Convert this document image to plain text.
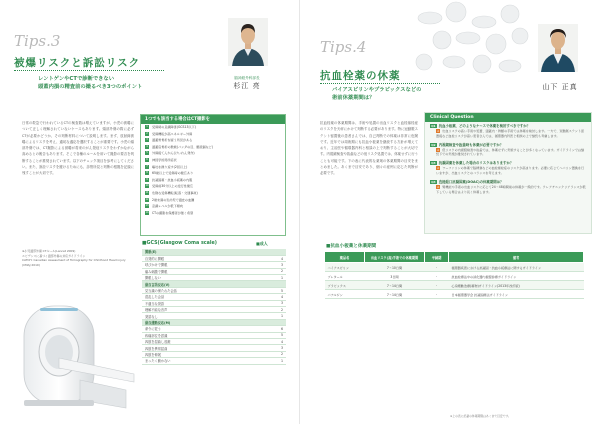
Tips.3
被爆リスクと訴訟リスク
レントゲンやCTで診断できない
頭蓋内損の精査前の撮るべき3つのポイント
脳神経外科部長
杉江 亮
日常の救急で行われているCTの検査数は増えていますが、小児の被曝について正しく理解されていないケースもあります。頭部外傷の際に必ずCTが必要かどうか、その判断材料について説明します。まず、放射線被曝によるリスクを考え、適切な適応を選択することが重要です。小児の頭部外傷では、CT撮影による被曝が将来のがん発症リスクをわずかながら高めるとの報告もあります。そこで各種のルールを用いて撮影の要否を判断することが推奨されています。以下のチェック項目を参考にしてください。また、訴訟リスクを避けるためにも、診察所見と判断の根拠を記録に残すことが大切です。
※小児頭部外傷 CTルール(Lancet 2009)
エビデンスに基づく頭部外傷の対応ガイドライン
CATCH: Canadian Assessment of Tomography for Childhood Head injury (CMAJ 2010)
1つでも該当する場合はCT撮影を
1 受傷時の意識障害(GCS13以下)
2 受傷機転が高エネルギー外傷
3 頭蓋骨骨折を疑う所見がある
4 頭蓋底骨折の徴候(パンダの目、髄液漏など)
5 外傷後てんかん(けいれん発作)
6 神経学的局所症状
7 嘔吐を繰り返す(2回以上)
8 65歳以上で受傷時の健忘あり
9 抗凝固薬・抗血小板薬の内服
10 受傷前30分以上の逆行性健忘
11 危険な受傷機転(転落・交通事故)
12 2歳未満の乳幼児で頭皮の血腫
13 意識レベルが低下傾向
14 CTの撮影を保護者が強く希望
■GCS(Glasgow Coma scale)	■成人
開眼(E)	
自発的に開眼	4
呼びかけで開眼	3
痛み刺激で開眼	2
開眼しない	1
最良言語反応(V)	
見当識の保たれた会話	5
混乱した会話	4
不適当な発語	3
理解不能な音声	2
発語なし	1
最良運動反応(M)	
命令に従う	6
疼痛部位を認識	5
四肢を屈曲し逃避	4
四肢を異常屈曲	3
四肢を伸展	2
まったく動かない	1
Tips.4
抗血栓薬の休薬
バイアスピリンやプラビックスなどの
術前休薬期間は？
山下 正真
抗血栓薬の休薬期間は、手術や処置の出血リスクと血栓塞栓症のリスクを天秤にかけて判断する必要があります。特に冠動脈ステント留置後の患者さんでは、自己判断での休薬は非常に危険です。近年では周術期にも抗血小板薬を継続する方針が増えており、主治医や循環器内科と相談の上で判断することが大切です。内視鏡検査や抜歯などの低リスク処置では、休薬せずに行うことも可能です。下の表に代表的な薬剤の休薬期間の目安をまとめました。あくまで目安であり、個々の症例に応じた判断が必要です。
Clinical Question
Q1 抗血小板薬、どのようなケースで休薬を検討すべきですか？
A 出血リスクの高い手術や処置、頭蓋内・脊髄の手術では休薬を検討します。一方で、冠動脈ステント留置後など血栓リスクが高い患者さんでは、循環器内科医と相談の上で継続も考慮します。
Q2 内視鏡検査や抜歯時も休薬が必要ですか？
A 低リスクの内視鏡検査や抜歯では、休薬せずに実施することが多くなっています。ガイドラインでは継続下での実施が推奨されています。
Q3 抗凝固薬を休薬した場合のリスクはありますか？
A ワーファリンの休薬で脳梗塞などの血栓塞栓症のリスクが高まります。必要に応じてヘパリン置換を行いますが、出血リスクとのバランスを考えます。
Q4 直接経口抗凝固薬(DOAC)の休薬期間は？
A 腎機能や手術の出血リスクに応じて24〜48時間前の休薬が一般的です。クレアチニンクリアランスが低下している場合はより長く休薬します。
■抗血小板薬と休薬期間
薬品名	出血リスク(高)手術での休薬期間	半減期	備考
バイアスピリン	7〜10日間	-	循環器疾患における抗凝固・抗血小板療法に関するガイドライン
プレタール	3日間	-	抗血栓療法中の消化器内視鏡診療ガイドライン
プラビックス	7〜14日間	-	心房細動治療(薬物)ガイドライン(2013年改訂版)
パナルジン	7〜14日間	-	日本循環器学会 抗凝固療法ガイドライン
※上の表に記載の休薬期間はあくまで目安です。
